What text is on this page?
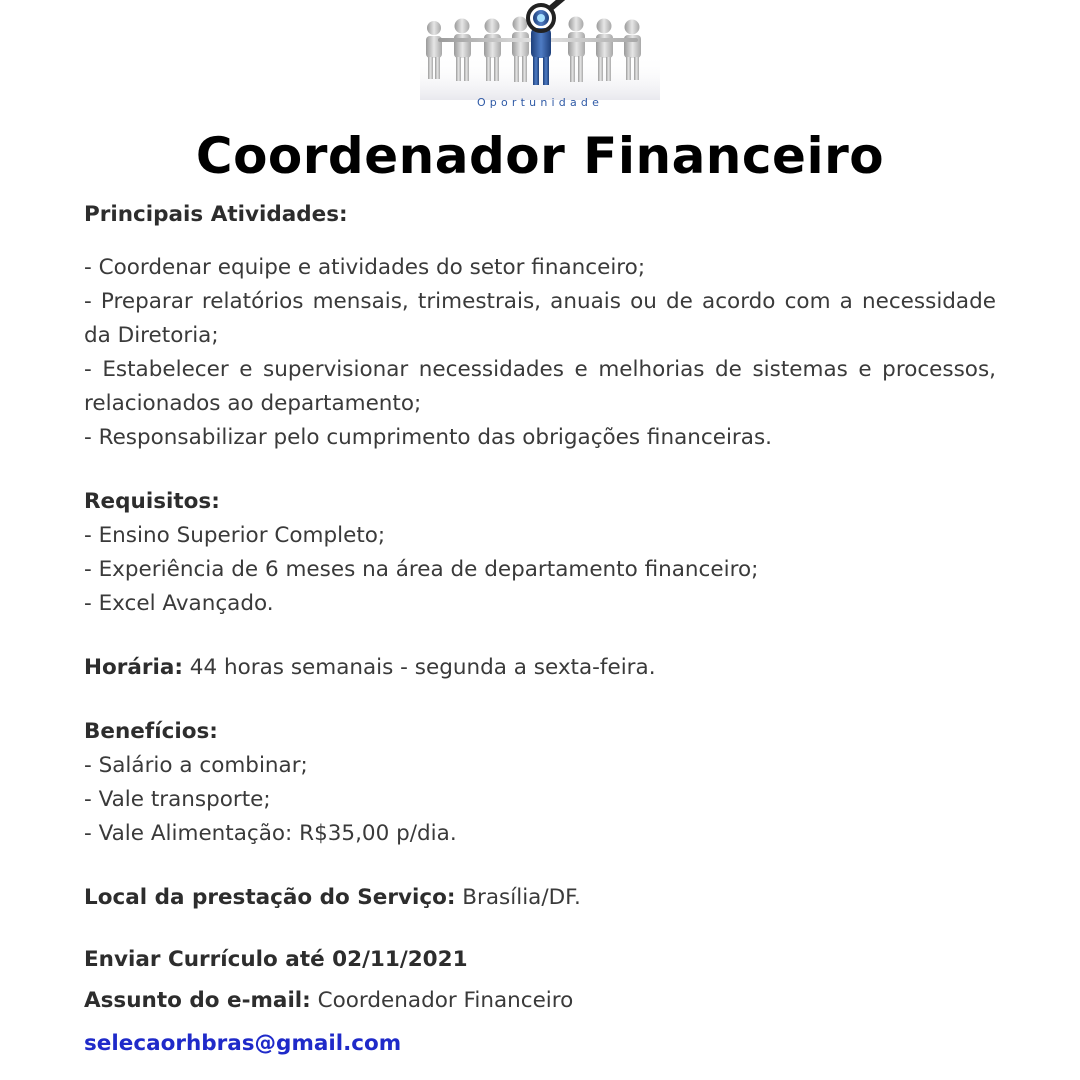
Oportunidade
Coordenador Financeiro

Principais Atividades:

- Coordenar equipe e atividades do setor financeiro;

- Preparar relatórios mensais, trimestrais, anuais ou de acordo com a necessidade da Diretoria;

- Estabelecer e supervisionar necessidades e melhorias de sistemas e processos, relacionados ao departamento;

- Responsabilizar pelo cumprimento das obrigações financeiras.

Requisitos:

- Ensino Superior Completo;

- Experiência de 6 meses na área de departamento financeiro;

- Excel Avançado.

Horária: 44 horas semanais - segunda a sexta-feira.

Benefícios:

- Salário a combinar;

- Vale transporte;

- Vale Alimentação: R$35,00 p/dia.

Local da prestação do Serviço: Brasília/DF.

Enviar Currículo até 02/11/2021

Assunto do e-mail: Coordenador Financeiro

selecaorhbras@gmail.com
